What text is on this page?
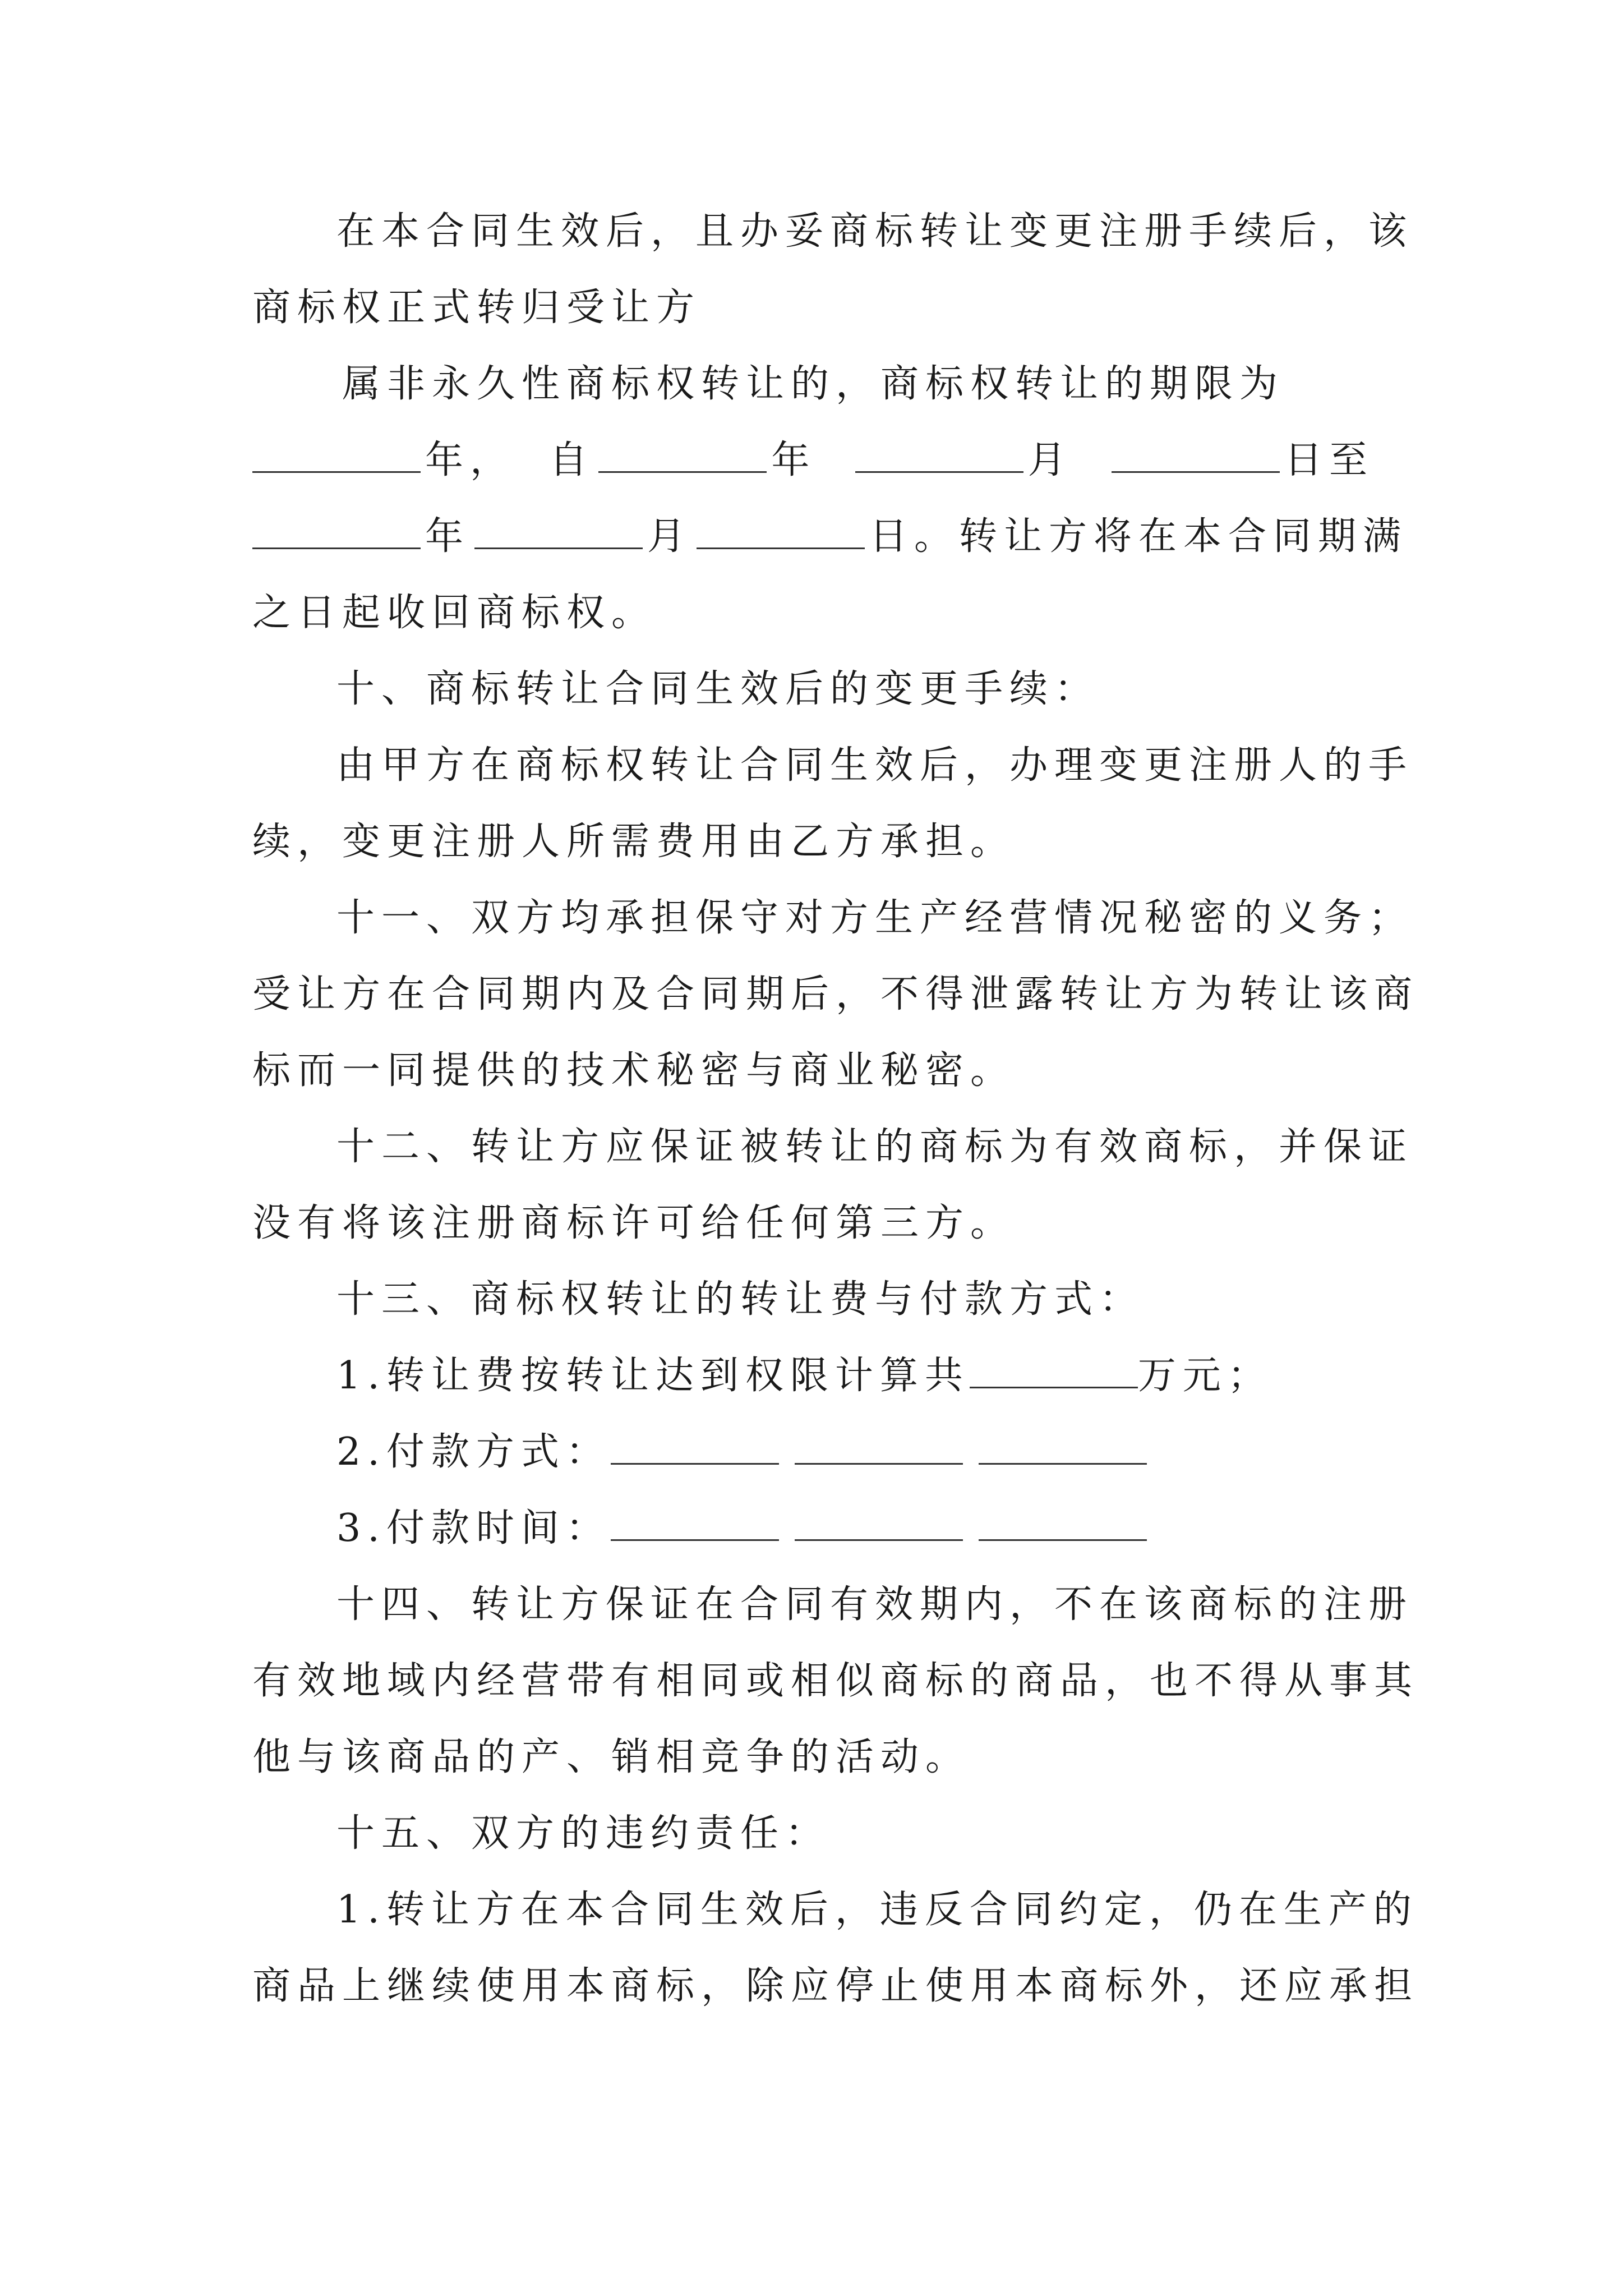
在本合同生效后，且办妥商标转让变更注册手续后，该
商标权正式转归受让方
属非永久性商标权转让的，商标权转让的期限为
年， 自	年	月	日至
年	月	日。转让方将在本合同期满
之日起收回商标权。
十、商标转让合同生效后的变更手续：
由甲方在商标权转让合同生效后，办理变更注册人的手
续，变更注册人所需费用由乙方承担。
十一、双方均承担保守对方生产经营情况秘密的义务；
受让方在合同期内及合同期后，不得泄露转让方为转让该商
标而一同提供的技术秘密与商业秘密。
十二、转让方应保证被转让的商标为有效商标，并保证
没有将该注册商标许可给任何第三方。
十三、商标权转让的转让费与付款方式：
1.转让费按转让达到权限计算共	万元；
2.付款方式：
3.付款时间：
十四、转让方保证在合同有效期内，不在该商标的注册
有效地域内经营带有相同或相似商标的商品，也不得从事其
他与该商品的产、销相竞争的活动。
十五、双方的违约责任：
1.转让方在本合同生效后，违反合同约定，仍在生产的
商品上继续使用本商标，除应停止使用本商标外，还应承担
